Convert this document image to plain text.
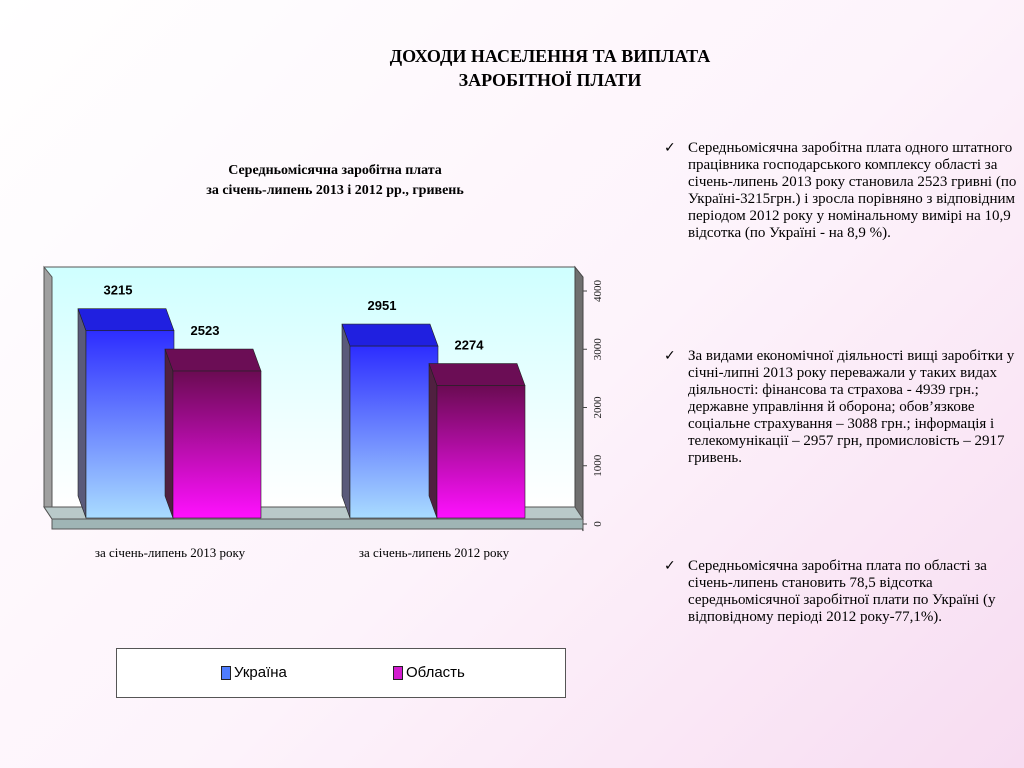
ДОХОДИ НАСЕЛЕННЯ ТА ВИПЛАТА
ЗАРОБІТНОЇ ПЛАТИ
Середньомісячна заробітна плата
за січень-липень 2013 і 2012 рр., гривень
0
1000
2000
3000
4000
3215
2523
за січень-липень 2013 року
2951
2274
за січень-липень 2012 року
Україна	Область
✓ Середньомісячна заробітна плата одного штатного працівника господарського комплексу області за січень-липень 2013 року становила 2523 гривні (по Україні-3215грн.) і зросла порівняно з відповідним періодом 2012 року у номінальному вимірі на 10,9 відсотка (по Україні - на 8,9 %).
✓ За видами економічної діяльності вищі заробітки у січні-липні 2013 року переважали у таких видах діяльності: фінансова та страхова - 4939 грн.; державне управління й оборона; обов’язкове соціальне страхування – 3088 грн.; інформація і телекомунікації – 2957 грн, промисловість – 2917 гривень.
✓ Середньомісячна заробітна плата по області за січень-липень становить 78,5 відсотка середньомісячної заробітної плати по Україні (у відповідному періоді 2012 року-77,1%).
